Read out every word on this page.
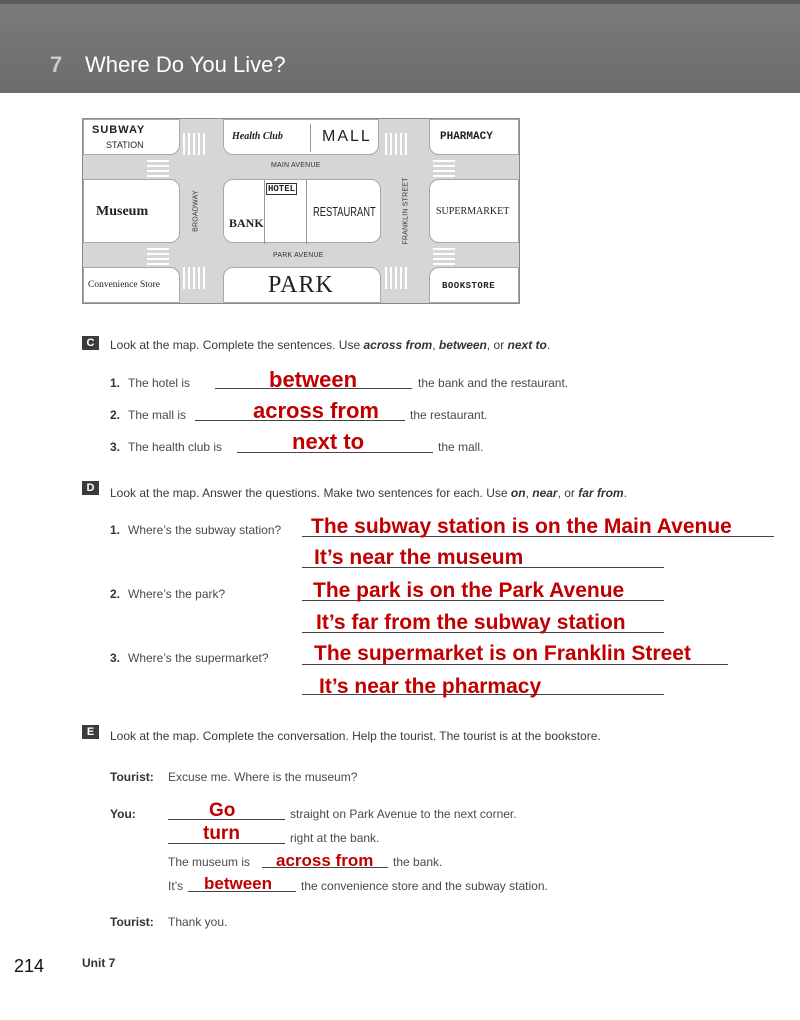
7 Where Do You Live?
SUBWAY
STATION
Health Club MALL	PHARMACY
MAIN AVENUE
Museum	BROADWAY
HOTEL
BANK
RESTAURANT	FRANKLIN STREET	SUPERMARKET
PARK AVENUE
Convenience Store	PARK	BOOKSTORE
C	Look at the map. Complete the sentences. Use across from, between, or next to.
1. The hotel is	between	the bank and the restaurant.
2. The mall is	across from	the restaurant.
3. The health club is	next to	the mall.
D	Look at the map. Answer the questions. Make two sentences for each. Use on, near, or far from.
1. Where’s the subway station? The subway station is on the Main Avenue
It’s near the museum
2. Where’s the park?	The park is on the Park Avenue
It’s far from the subway station
3. Where’s the supermarket? The supermarket is on Franklin Street
It’s near the pharmacy
E	Look at the map. Complete the conversation. Help the tourist. The tourist is at the bookstore.
Tourist: Excuse me. Where is the museum?
You:	Go	straight on Park Avenue to the next corner.
turn	right at the bank.
The museum is across from the bank.
It’s between the convenience store and the subway station.
Tourist: Thank you.
214	Unit 7
